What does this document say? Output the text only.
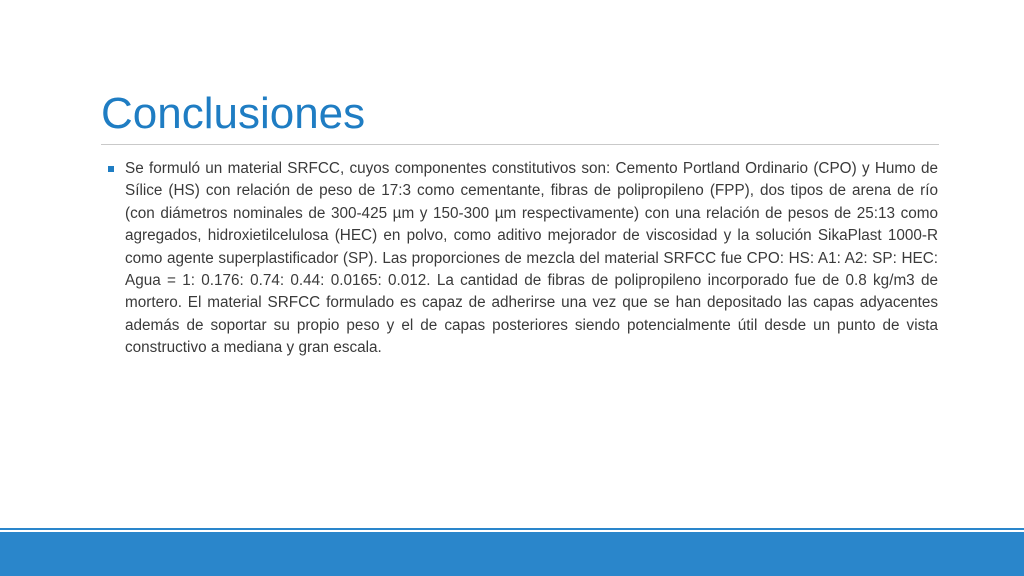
Conclusiones

Se formuló un material SRFCC, cuyos componentes constitutivos son: Cemento Portland Ordinario (CPO) y Humo de Sílice (HS) con relación de peso de 17:3 como cementante, fibras de polipropileno (FPP), dos tipos de arena de río (con diámetros nominales de 300-425 µm y 150-300 µm respectivamente) con una relación de pesos de 25:13 como agregados, hidroxietilcelulosa (HEC) en polvo, como aditivo mejorador de viscosidad y la solución SikaPlast 1000-R como agente superplastificador (SP). Las proporciones de mezcla del material SRFCC fue CPO: HS: A1: A2: SP: HEC: Agua = 1: 0.176: 0.74: 0.44: 0.0165: 0.012. La cantidad de fibras de polipropileno incorporado fue de 0.8 kg/m3 de mortero. El material SRFCC formulado es capaz de adherirse una vez que se han depositado las capas adyacentes además de soportar su propio peso y el de capas posteriores siendo potencialmente útil desde un punto de vista constructivo a mediana y gran escala.
